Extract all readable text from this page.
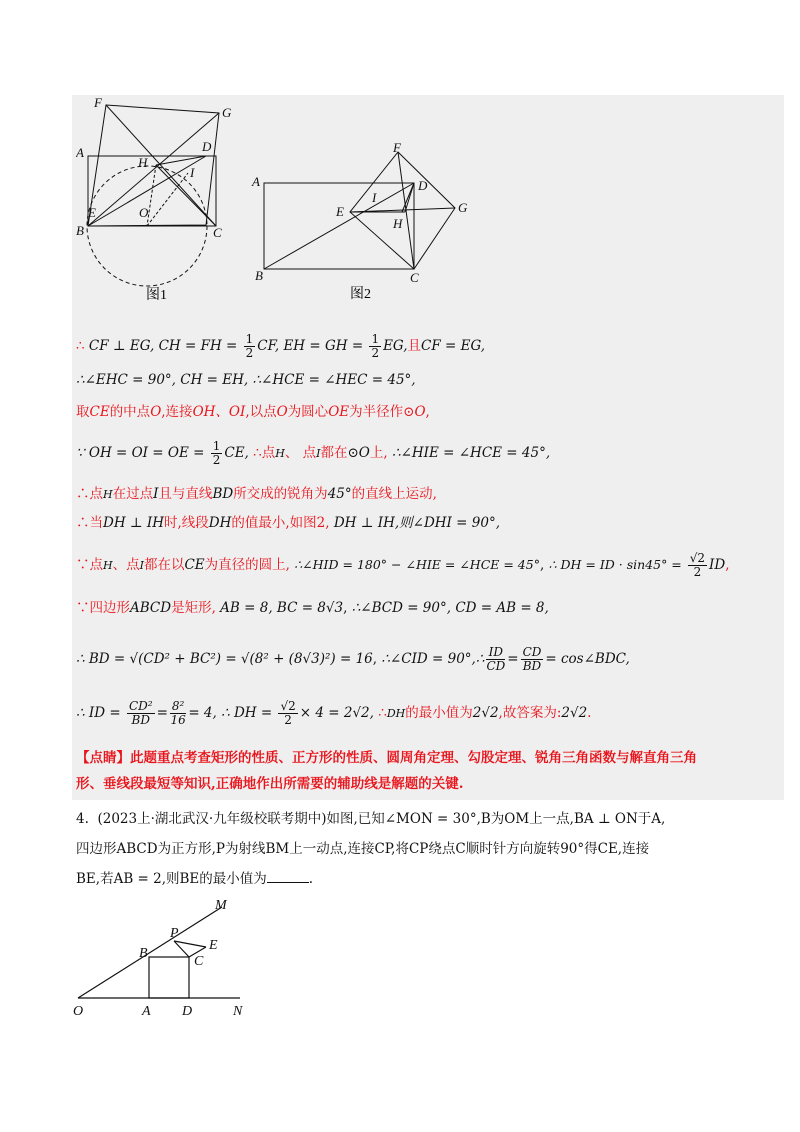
F
G
A
H
D
I
O
E
B	C
图1
F
A	D
I
E	G
H
B	C
图2
∴ CF ⊥ EG, CH = FH = $\frac{1}{2}$ CF, EH = GH = $\frac{1}{2}$ EG,且CF = EG,
∴∠EHC = 90°, CH = EH, ∴∠HCE = ∠HEC = 45°,
取CE的中点O,连接OH、OI,以点O为圆心OE为半径作⊙O,
∵ OH = OI = OE = $\frac{1}{2}$ CE, ∴点H、 点I都在⊙O上, ∴∠HIE = ∠HCE = 45°,
∴点H在过点I且与直线BD所交成的锐角为45°的直线上运动,
∴当DH ⊥ IH时,线段DH的值最小,如图2, DH ⊥ IH,则∠DHI = 90°,
∵点H、点I都在以CE为直径的圆上, ∴∠HID = 180° − ∠HIE = ∠HCE = 45°, ∴ DH = ID · $\sin 45^\circ = \frac{√2}{2}$ ID,
∵四边形ABCD是矩形, AB = 8, BC = 8√3, ∴∠BCD = 90°, CD = AB = 8,
∴ BD = √(CD² + BC²) = √(8² + (8√3)²) = 16, ∴∠CID = 90°,∴ $\frac{ID}{CD} = \frac{CD}{BD}$ = cos∠BDC,
∴ ID = $\frac{\text{CD²}}{BD} = \frac{\text{8²}}{16} = 4$, ∴ DH = $\frac{√2}{2} \times 4 = 2√2$, ∴DH的最小值为2√2,故答案为:2√2.
【点睛】此题重点考查矩形的性质、正方形的性质、圆周角定理、勾股定理、锐角三角函数与解直角三角
形、垂线段最短等知识,正确地作出所需要的辅助线是解题的关键.
4. (2023上·湖北武汉·九年级校联考期中)如图,已知∠MON = 30°,B为OM上一点,BA ⊥ ON于A,
四边形ABCD为正方形,P为射线BM上一动点,连接CP,将CP绕点C顺时针方向旋转90°得CE,连接
BE,若AB = 2,则BE的最小值为	.
M
P
B
E
C
O	A D	N
